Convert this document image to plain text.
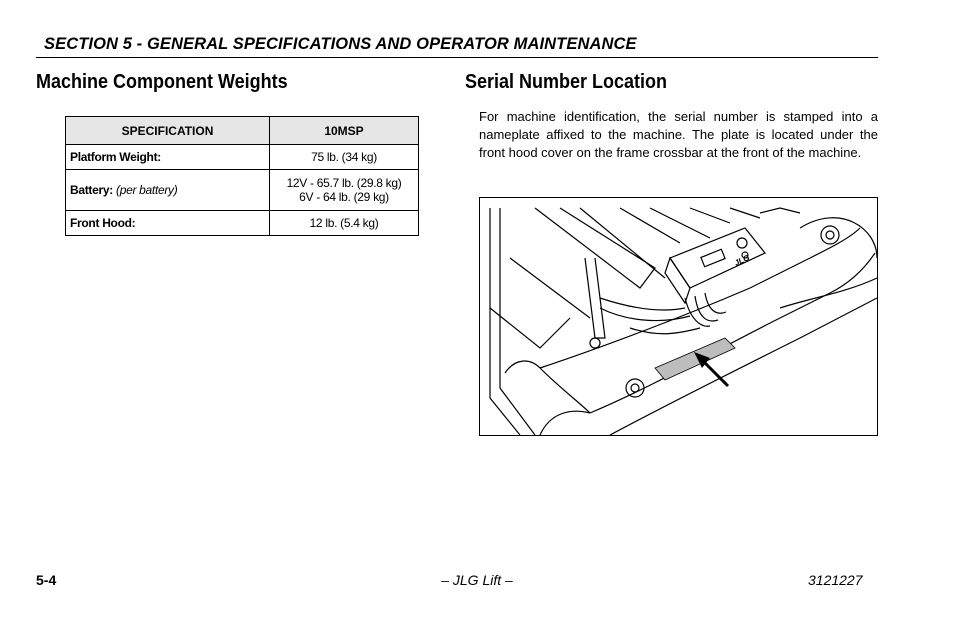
SECTION 5 - GENERAL SPECIFICATIONS AND OPERATOR MAINTENANCE
Machine Component Weights
SPECIFICATION	10MSP
Platform Weight:	75 lb. (34 kg)
Battery: (per battery)	12V - 65.7 lb. (29.8 kg)
6V - 64 lb. (29 kg)

Front Hood:	12 lb. (5.4 kg)
Serial Number Location
For machine identification, the serial number is stamped into a nameplate affixed to the machine. The plate is located under the front hood cover on the frame crossbar at the front of the machine.
JLG
5-4	– JLG Lift –	3121227
